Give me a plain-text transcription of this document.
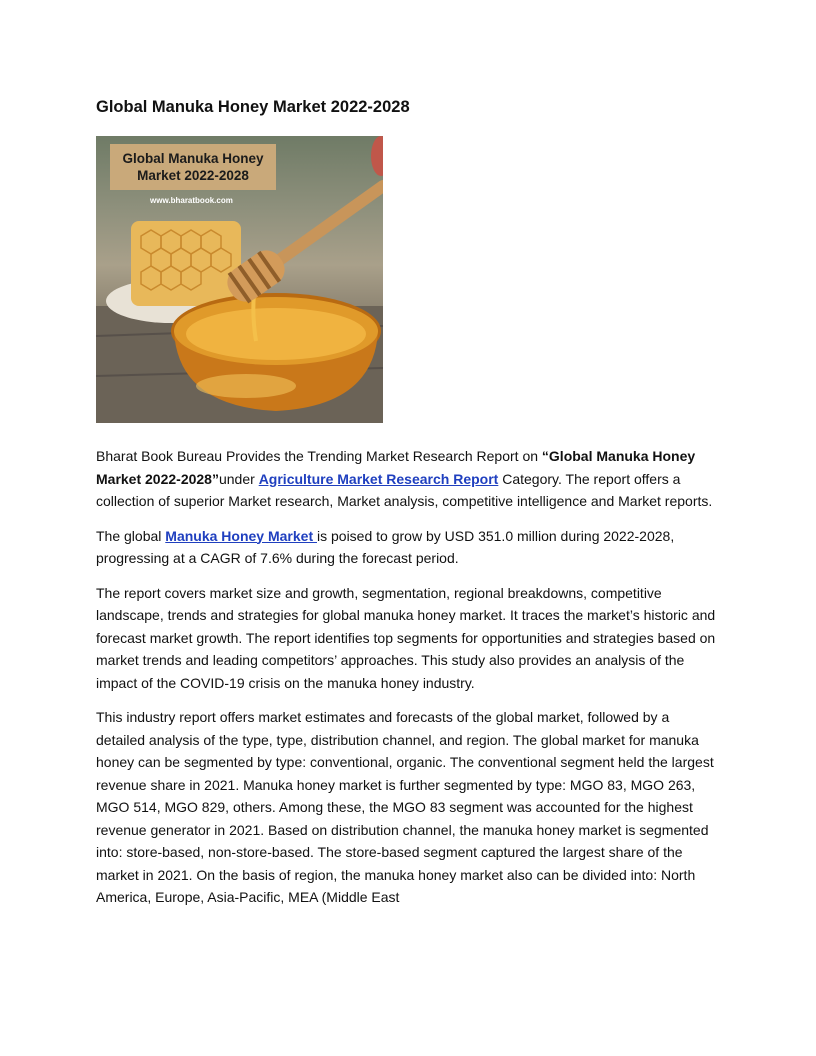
Global Manuka Honey Market 2022-2028
Global Manuka Honey
Market 2022-2028
www.bharatbook.com

Bharat Book Bureau Provides the Trending Market Research Report on “Global Manuka Honey Market 2022-2028”under Agriculture Market Research Report Category. The report offers a collection of superior Market research, Market analysis, competitive intelligence and Market reports.

The global Manuka Honey Market is poised to grow by USD 351.0 million during 2022-2028, progressing at a CAGR of 7.6% during the forecast period.

The report covers market size and growth, segmentation, regional breakdowns, competitive landscape, trends and strategies for global manuka honey market. It traces the market’s historic and forecast market growth. The report identifies top segments for opportunities and strategies based on market trends and leading competitors’ approaches. This study also provides an analysis of the impact of the COVID-19 crisis on the manuka honey industry.

This industry report offers market estimates and forecasts of the global market, followed by a detailed analysis of the type, type, distribution channel, and region. The global market for manuka honey can be segmented by type: conventional, organic. The conventional segment held the largest revenue share in 2021. Manuka honey market is further segmented by type: MGO 83, MGO 263, MGO 514, MGO 829, others. Among these, the MGO 83 segment was accounted for the highest revenue generator in 2021. Based on distribution channel, the manuka honey market is segmented into: store-based, non-store-based. The store-based segment captured the largest share of the market in 2021. On the basis of region, the manuka honey market also can be divided into: North America, Europe, Asia-Pacific, MEA (Middle East
